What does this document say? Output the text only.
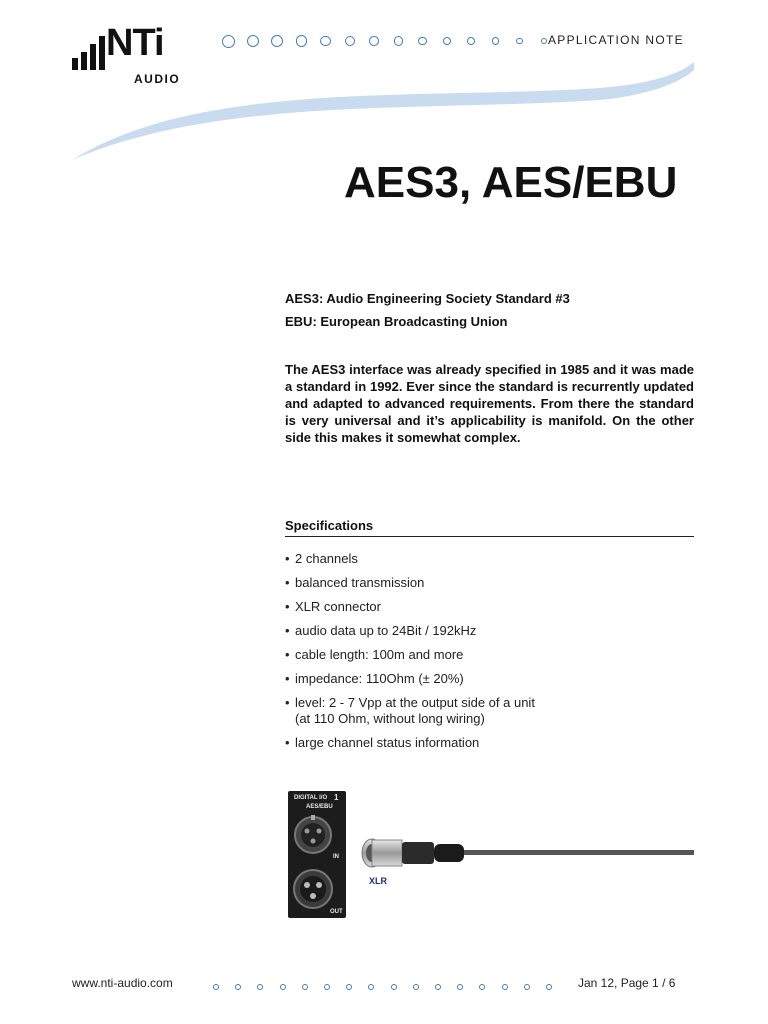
NTi
AUDIO
APPLICATION NOTE
AES3, AES/EBU
AES3: Audio Engineering Society Standard #3
EBU: European Broadcasting Union
The AES3 interface was already specified in 1985 and it was made a standard in 1992. Ever since the standard is recurrently updated and adapted to advanced requirements. From there the standard is very universal and it’s applicability is manifold. On the other side this makes it somewhat complex.
Specifications
• 2 channels
• balanced transmission
• XLR connector
• audio data up to 24Bit / 192kHz
• cable length: 100m and more
• impedance: 110Ohm (± 20%)
• level: 2 - 7 Vpp at the output side of a unit
(at 110 Ohm, without long wiring)
• large channel status information
DIGITAL I/O 1
AES/EBU
IN
OUT
XLR
www.nti-audio.com	Jan 12, Page 1 / 6
